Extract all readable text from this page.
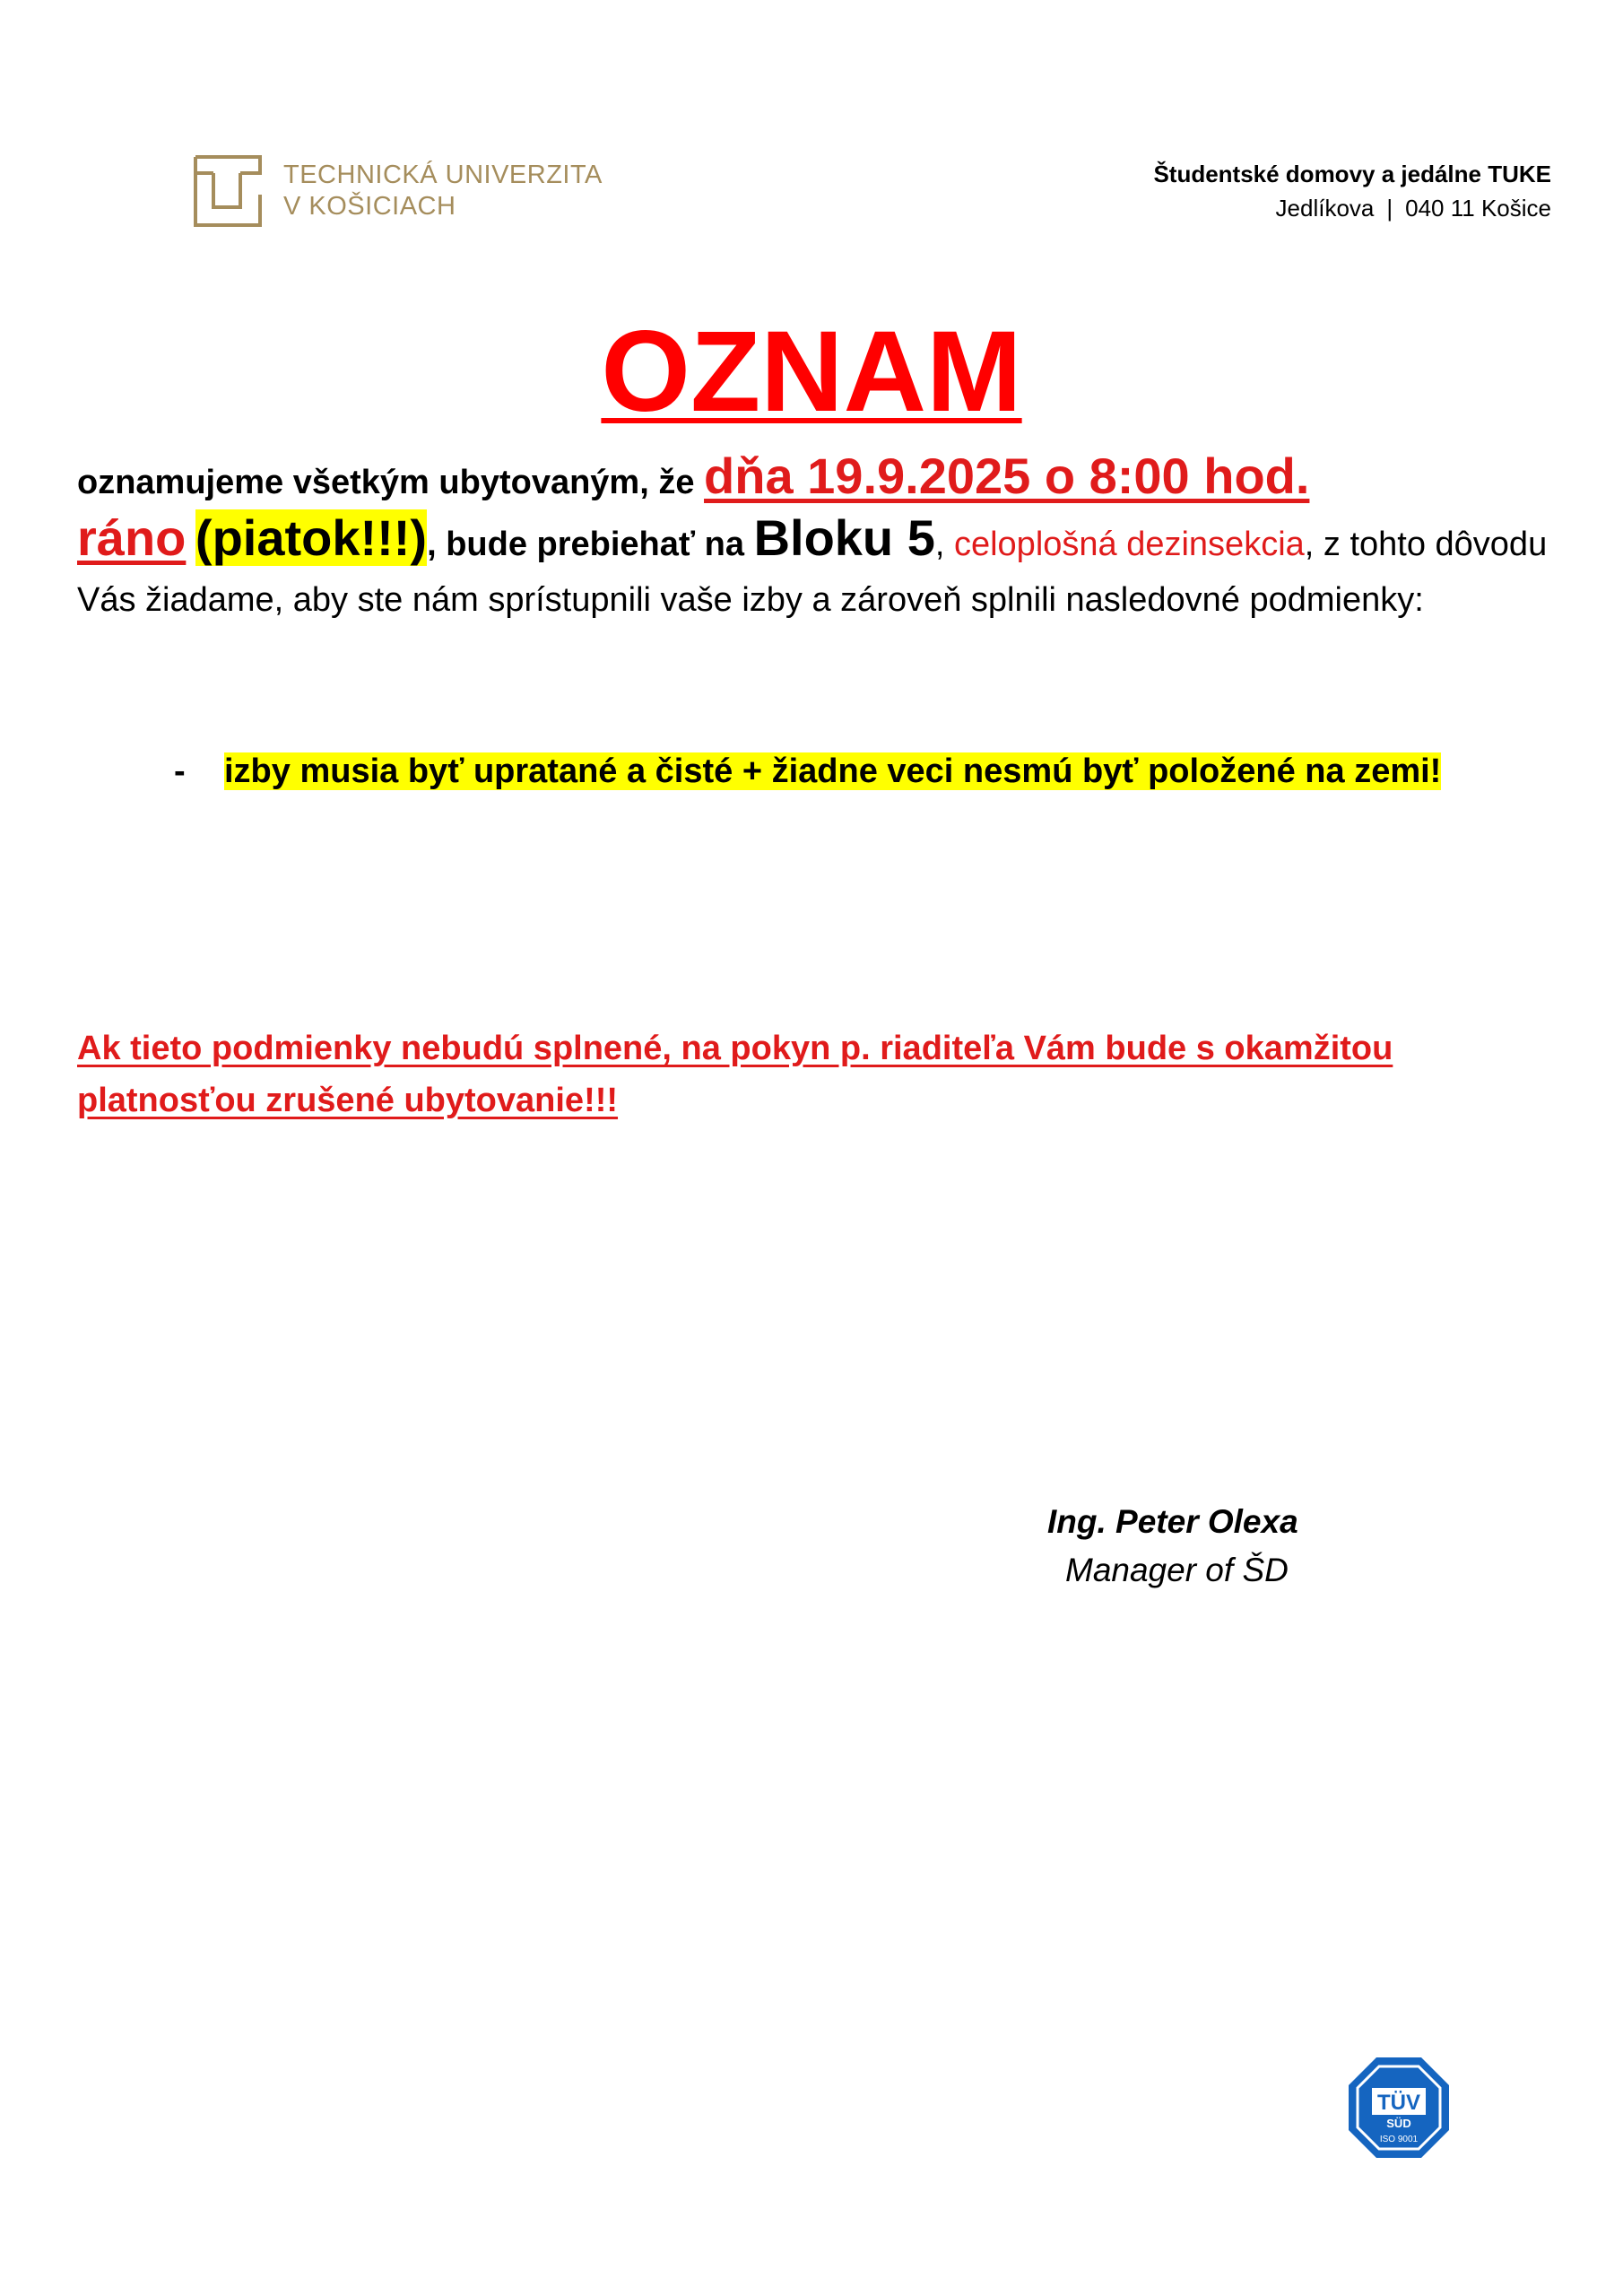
TECHNICKÁ UNIVERZITA
V KOŠICIACH
Študentské domovy a jedálne TUKE
Jedlíkova | 040 11 Košice
OZNAM
oznamujeme všetkým ubytovaným, že dňa 19.9.2025 o 8:00 hod.
ráno (piatok!!!), bude prebiehať na Bloku 5, celoplošná dezinsekcia, z tohto dôvodu Vás žiadame, aby ste nám sprístupnili vaše izby a zároveň splnili nasledovné podmienky:
- izby musia byť upratané a čisté + žiadne veci nesmú byť položené na zemi!
Ak tieto podmienky nebudú splnené, na pokyn p. riaditeľa Vám bude s okamžitou platnosťou zrušené ubytovanie!!!
Ing. Peter Olexa
Manager of ŠD
TÜV
SÜD
ISO 9001
